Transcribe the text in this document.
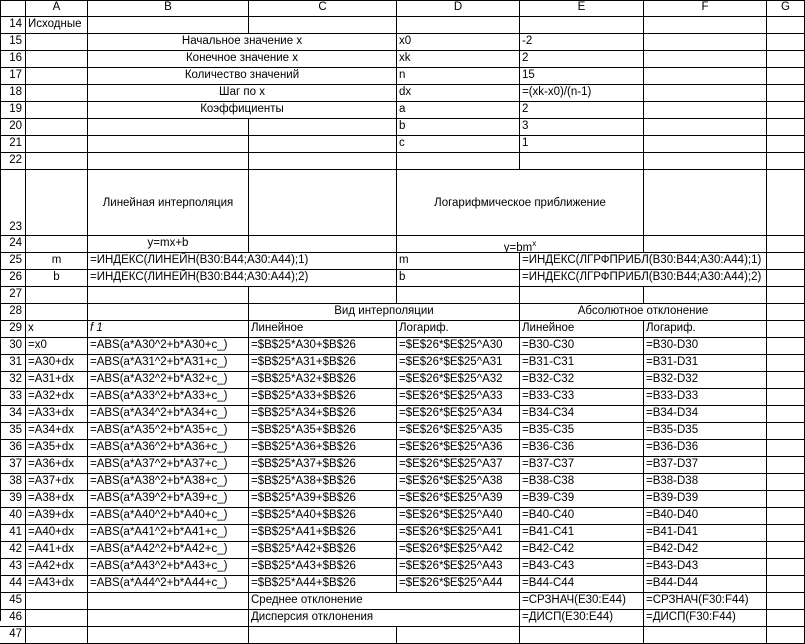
A	B	C	D	E	F	G
14 Исходные
15	Начальное значение x	x0	-2
16	Конечное значение x	xk	2
17	Количество значений	n	15
18	Шаг по x	dx	=(xk-x0)/(n-1)
19	Коэффициенты	a	2
20	b	3
21	c	1
22
23
Линейная интерполяция	Логарифмическое приближение
24	y=mx+b	$y=bm^x$
25	m	=ИНДЕКС(ЛИНЕЙН(B30:B44;A30:A44);1)	m	=ИНДЕКС(ЛГРФПРИБЛ(B30:B44;A30:A44);1)
26	b	=ИНДЕКС(ЛИНЕЙН(B30:B44;A30:A44);2)	b	=ИНДЕКС(ЛГРФПРИБЛ(B30:B44;A30:A44);2)
27
28	Вид интерполяции	Абсолютное отклонение
29 x	f 1	Линейное	Логариф.	Линейное	Логариф.
30 =x0	=ABS(a*A30^2+b*A30+c_)	=$B$25*A30+$B$26	=$E$26*$E$25^A30	=B30-C30	=B30-D30
31 =A30+dx	=ABS(a*A31^2+b*A31+c_)	=$B$25*A31+$B$26	=$E$26*$E$25^A31	=B31-C31	=B31-D31
32 =A31+dx	=ABS(a*A32^2+b*A32+c_)	=$B$25*A32+$B$26	=$E$26*$E$25^A32	=B32-C32	=B32-D32
33 =A32+dx	=ABS(a*A33^2+b*A33+c_)	=$B$25*A33+$B$26	=$E$26*$E$25^A33	=B33-C33	=B33-D33
34 =A33+dx	=ABS(a*A34^2+b*A34+c_)	=$B$25*A34+$B$26	=$E$26*$E$25^A34	=B34-C34	=B34-D34
35 =A34+dx	=ABS(a*A35^2+b*A35+c_)	=$B$25*A35+$B$26	=$E$26*$E$25^A35	=B35-C35	=B35-D35
36 =A35+dx	=ABS(a*A36^2+b*A36+c_)	=$B$25*A36+$B$26	=$E$26*$E$25^A36	=B36-C36	=B36-D36
37 =A36+dx	=ABS(a*A37^2+b*A37+c_)	=$B$25*A37+$B$26	=$E$26*$E$25^A37	=B37-C37	=B37-D37
38 =A37+dx	=ABS(a*A38^2+b*A38+c_)	=$B$25*A38+$B$26	=$E$26*$E$25^A38	=B38-C38	=B38-D38
39 =A38+dx	=ABS(a*A39^2+b*A39+c_)	=$B$25*A39+$B$26	=$E$26*$E$25^A39	=B39-C39	=B39-D39
40 =A39+dx	=ABS(a*A40^2+b*A40+c_)	=$B$25*A40+$B$26	=$E$26*$E$25^A40	=B40-C40	=B40-D40
41 =A40+dx	=ABS(a*A41^2+b*A41+c_)	=$B$25*A41+$B$26	=$E$26*$E$25^A41	=B41-C41	=B41-D41
42 =A41+dx	=ABS(a*A42^2+b*A42+c_)	=$B$25*A42+$B$26	=$E$26*$E$25^A42	=B42-C42	=B42-D42
43 =A42+dx	=ABS(a*A43^2+b*A43+c_)	=$B$25*A43+$B$26	=$E$26*$E$25^A43	=B43-C43	=B43-D43
44 =A43+dx	=ABS(a*A44^2+b*A44+c_)	=$B$25*A44+$B$26	=$E$26*$E$25^A44	=B44-C44	=B44-D44
45	Среднее отклонение	=СРЗНАЧ(E30:E44)	=СРЗНАЧ(F30:F44)
46	Дисперсия отклонения	=ДИСП(E30:E44)	=ДИСП(F30:F44)
47
